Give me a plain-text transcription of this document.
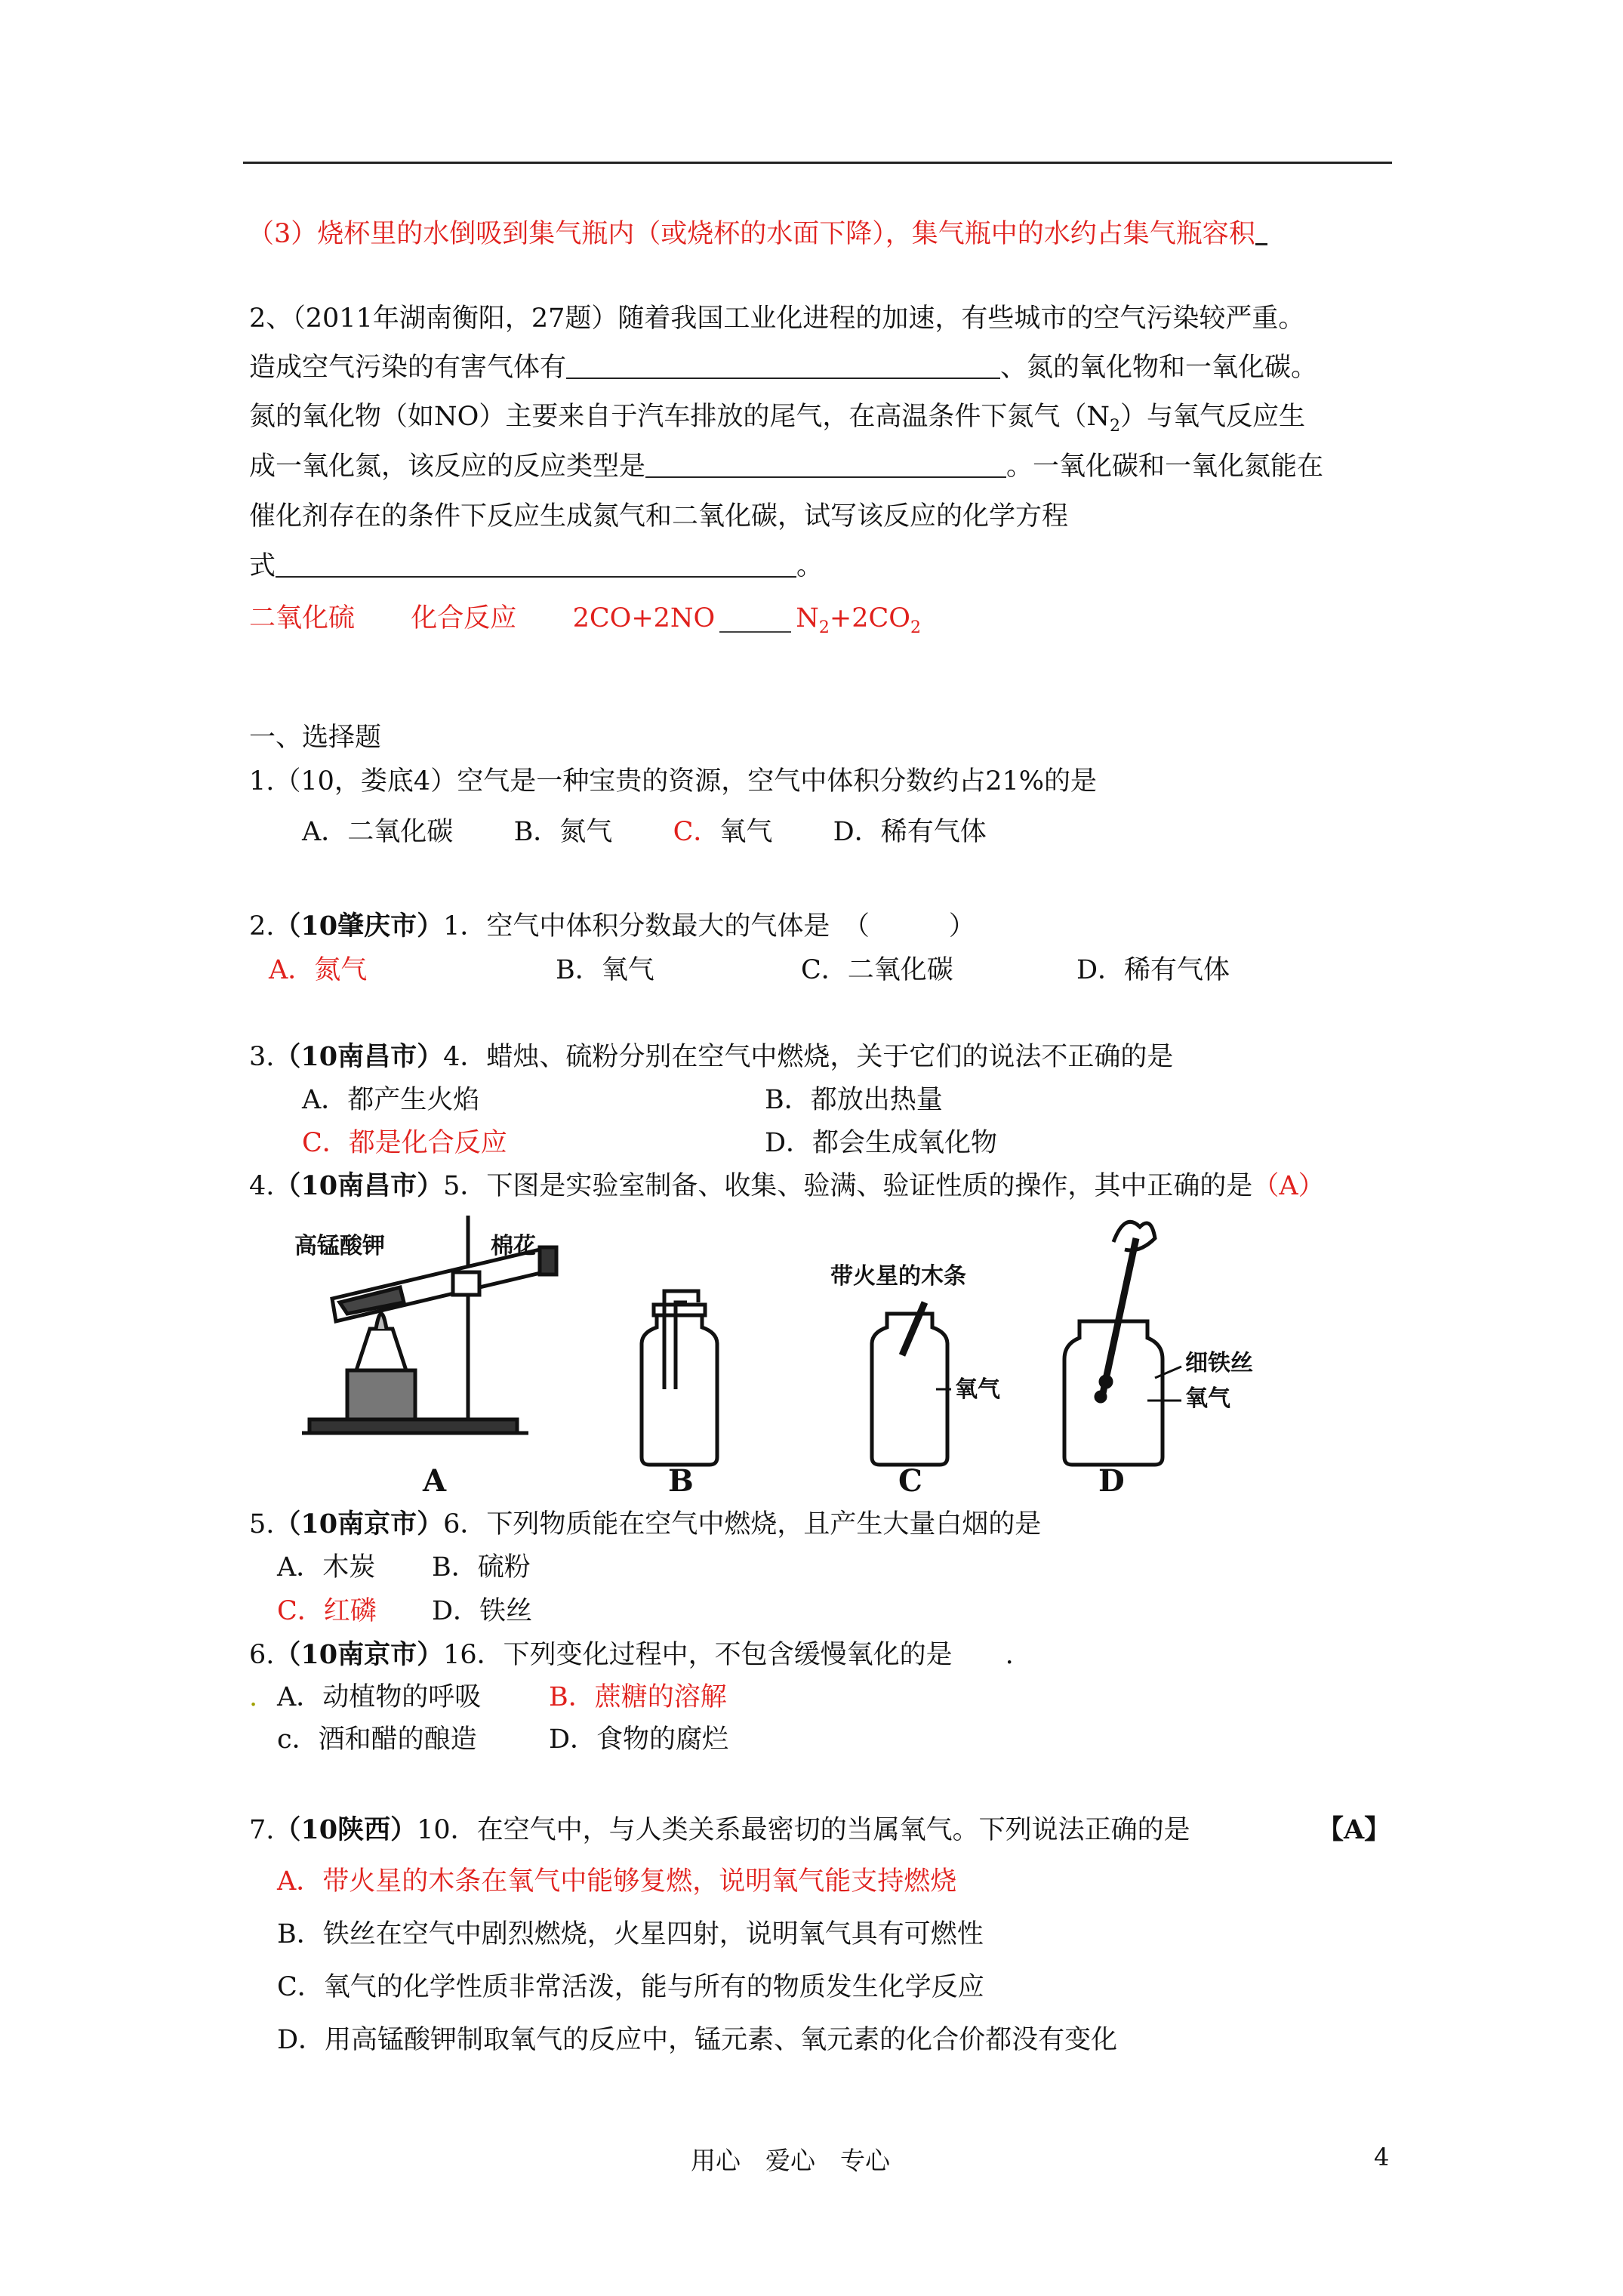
（3）烧杯里的水倒吸到集气瓶内（或烧杯的水面下降），集气瓶中的水约占集气瓶容积
2、（2011年湖南衡阳，27题）随着我国工业化进程的加速，有些城市的空气污染较严重。
造成空气污染的有害气体有	、氮的氧化物和一氧化碳。
氮的氧化物（如NO）主要来自于汽车排放的尾气，在高温条件下氮气$(N_2)$与氧气反应生
成一氧化氮，该反应的反应类型是	。一氧化碳和一氧化氮能在
催化剂存在的条件下反应生成氮气和二氧化碳，试写该反应的化学方程
式	。
二氧化硫 化合反应 2CO+2NO	$N_2+2CO_2$
一、选择题
1.（10，娄底4）空气是一种宝贵的资源，空气中体积分数约占21%的是
A．二氧化碳 B．氮气 C．氧气 D．稀有气体
2.（10肇庆市）1．空气中体积分数最大的气体是　（　　　）
A．氮气	B．氧气	C．二氧化碳	D．稀有气体
3.（10南昌市）4．蜡烛、硫粉分别在空气中燃烧，关于它们的说法不正确的是
A．都产生火焰	B．都放出热量
C．都是化合反应	D．都会生成氧化物
4.（10南昌市）5．下图是实验室制备、收集、验满、验证性质的操作，其中正确的是（A）
高锰酸钾	棉花
带火星的木条
氧气
细铁丝
氧气
A	B	C	D
5.（10南京市）6．下列物质能在空气中燃烧，且产生大量白烟的是
A．木炭 B．硫粉
C．红磷 D．铁丝
6.（10南京市）16．下列变化过程中，不包含缓慢氧化的是　　.
. A．动植物的呼吸	B．蔗糖的溶解
c．酒和醋的酿造	D．食物的腐烂
7.（10陕西）10．在空气中，与人类关系最密切的当属氧气。下列说法正确的是	【A】
A．带火星的木条在氧气中能够复燃，说明氧气能支持燃烧
B．铁丝在空气中剧烈燃烧，火星四射，说明氧气具有可燃性
C．氧气的化学性质非常活泼，能与所有的物质发生化学反应
D．用高锰酸钾制取氧气的反应中，锰元素、氧元素的化合价都没有变化
用心　爱心　专心	4
